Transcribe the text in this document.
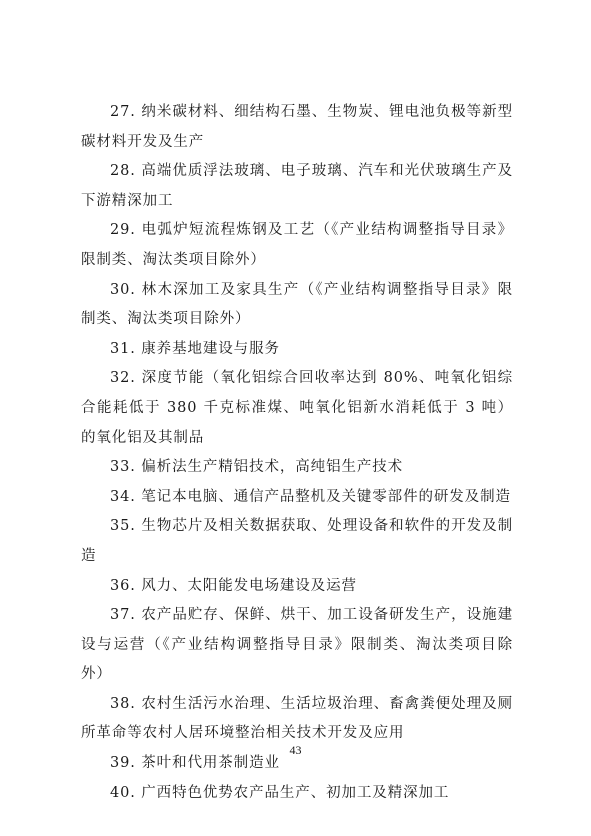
27. 纳米碳材料、细结构石墨、生物炭、锂电池负极等新型碳材料开发及生产

28. 高端优质浮法玻璃、电子玻璃、汽车和光伏玻璃生产及下游精深加工

29. 电弧炉短流程炼钢及工艺（《产业结构调整指导目录》限制类、淘汰类项目除外）

30. 林木深加工及家具生产（《产业结构调整指导目录》限制类、淘汰类项目除外）

31. 康养基地建设与服务

32. 深度节能（氧化铝综合回收率达到 80%、吨氧化铝综合能耗低于 380 千克标准煤、吨氧化铝新水消耗低于 3 吨）的氧化铝及其制品

33. 偏析法生产精铝技术，高纯铝生产技术

34. 笔记本电脑、通信产品整机及关键零部件的研发及制造

35. 生物芯片及相关数据获取、处理设备和软件的开发及制造

36. 风力、太阳能发电场建设及运营

37. 农产品贮存、保鲜、烘干、加工设备研发生产，设施建设与运营（《产业结构调整指导目录》限制类、淘汰类项目除外）

38. 农村生活污水治理、生活垃圾治理、畜禽粪便处理及厕所革命等农村人居环境整治相关技术开发及应用

39. 茶叶和代用茶制造业

40. 广西特色优势农产品生产、初加工及精深加工

43
